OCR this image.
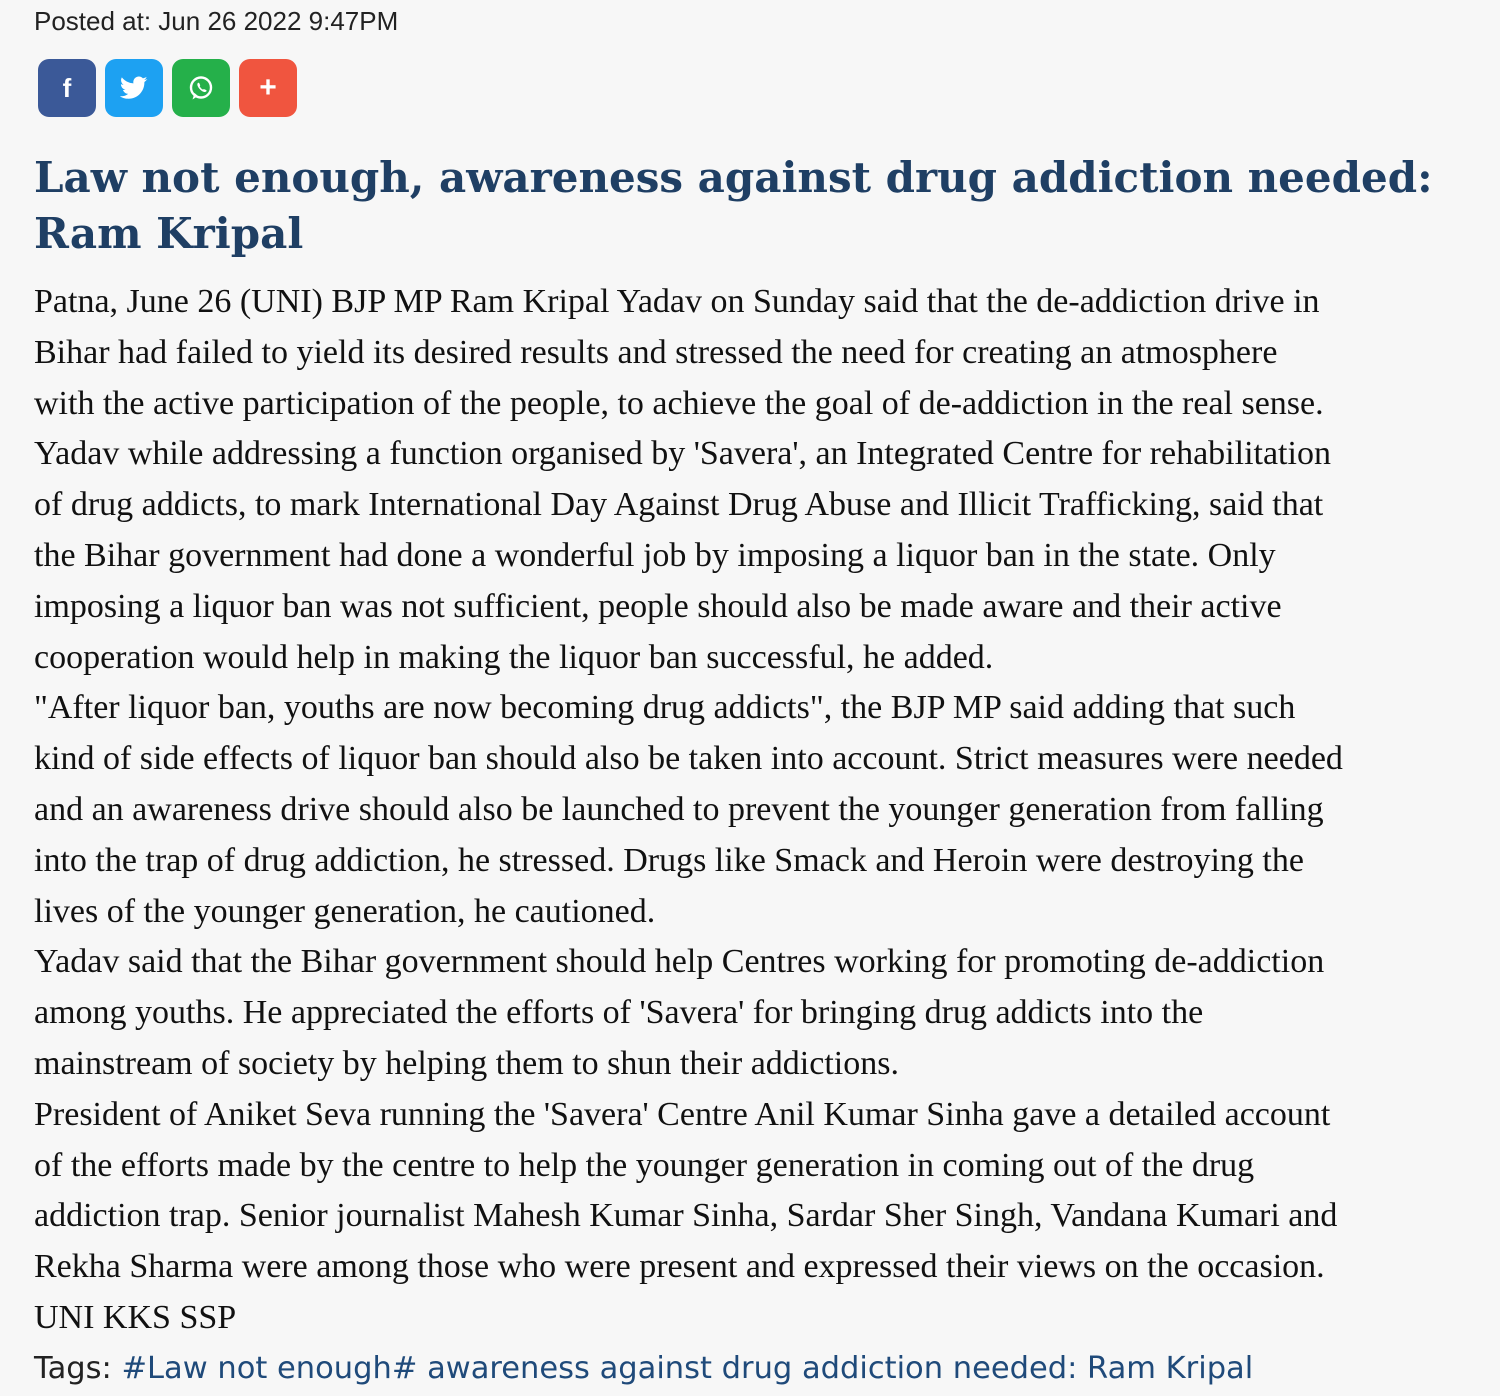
Posted at: Jun 26 2022 9:47PM
f	+
Law not enough, awareness against drug addiction needed:
Ram Kripal

Patna, June 26 (UNI) BJP MP Ram Kripal Yadav on Sunday said that the de-addiction drive in

Bihar had failed to yield its desired results and stressed the need for creating an atmosphere

with the active participation of the people, to achieve the goal of de-addiction in the real sense.

Yadav while addressing a function organised by 'Savera', an Integrated Centre for rehabilitation

of drug addicts, to mark International Day Against Drug Abuse and Illicit Trafficking, said that

the Bihar government had done a wonderful job by imposing a liquor ban in the state. Only

imposing a liquor ban was not sufficient, people should also be made aware and their active

cooperation would help in making the liquor ban successful, he added.

"After liquor ban, youths are now becoming drug addicts", the BJP MP said adding that such

kind of side effects of liquor ban should also be taken into account. Strict measures were needed

and an awareness drive should also be launched to prevent the younger generation from falling

into the trap of drug addiction, he stressed. Drugs like Smack and Heroin were destroying the

lives of the younger generation, he cautioned.

Yadav said that the Bihar government should help Centres working for promoting de-addiction

among youths. He appreciated the efforts of 'Savera' for bringing drug addicts into the

mainstream of society by helping them to shun their addictions.

President of Aniket Seva running the 'Savera' Centre Anil Kumar Sinha gave a detailed account

of the efforts made by the centre to help the younger generation in coming out of the drug

addiction trap. Senior journalist Mahesh Kumar Sinha, Sardar Sher Singh, Vandana Kumari and

Rekha Sharma were among those who were present and expressed their views on the occasion.

UNI KKS SSP

Tags: #Law not enough# awareness against drug addiction needed: Ram Kripal
